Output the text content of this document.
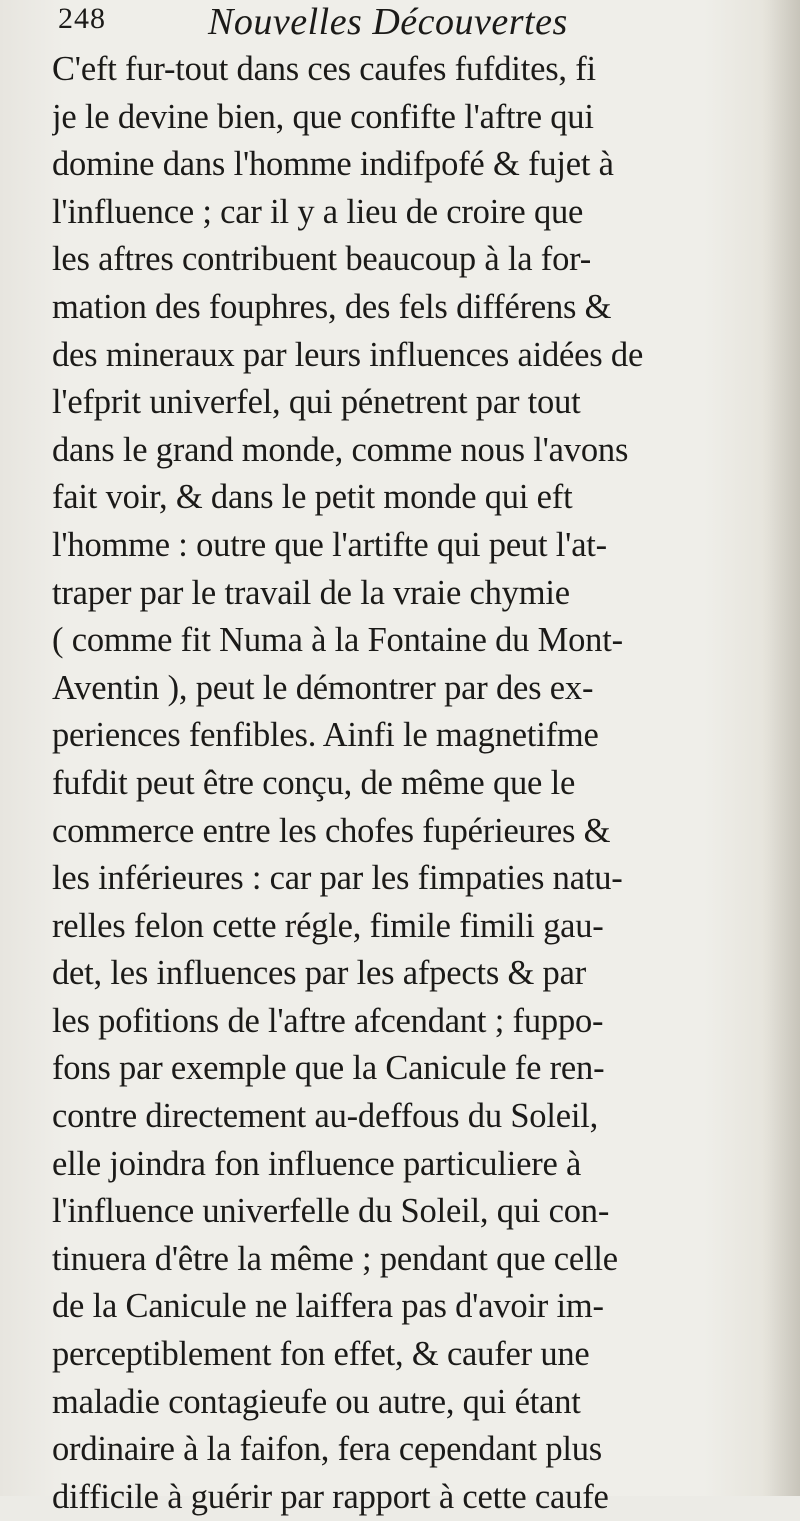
248	Nouvelles Découvertes
C'eft fur-tout dans ces caufes fufdites, fi
je le devine bien, que confifte l'aftre qui
domine dans l'homme indifpofé & fujet à
l'influence ; car il y a lieu de croire que
les aftres contribuent beaucoup à la for-
mation des fouphres, des fels différens &
des mineraux par leurs influences aidées de
l'efprit univerfel, qui pénetrent par tout
dans le grand monde, comme nous l'avons
fait voir, & dans le petit monde qui eft
l'homme : outre que l'artifte qui peut l'at-
traper par le travail de la vraie chymie
( comme fit Numa à la Fontaine du Mont-
Aventin ), peut le démontrer par des ex-
periences fenfibles. Ainfi le magnetifme
fufdit peut être conçu, de même que le
commerce entre les chofes fupérieures &
les inférieures : car par les fimpaties natu-
relles felon cette régle, fimile fimili gau-
det, les influences par les afpects & par
les pofitions de l'aftre afcendant ; fuppo-
fons par exemple que la Canicule fe ren-
contre directement au-deffous du Soleil,
elle joindra fon influence particuliere à
l'influence univerfelle du Soleil, qui con-
tinuera d'être la même ; pendant que celle
de la Canicule ne laiffera pas d'avoir im-
perceptiblement fon effet, & caufer une
maladie contagieufe ou autre, qui étant
ordinaire à la faifon, fera cependant plus
difficile à guérir par rapport à cette caufe
